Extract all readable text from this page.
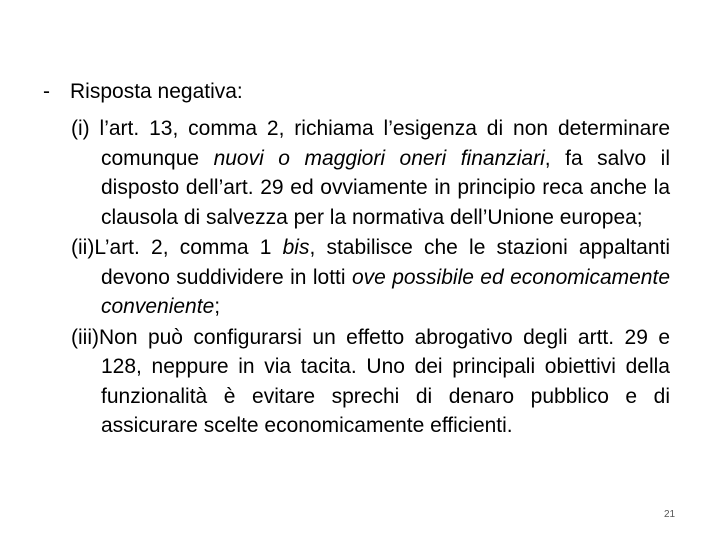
- Risposta negativa:

(i) l’art. 13, comma 2, richiama l’esigenza di non determinare comunque nuovi o maggiori oneri finanziari, fa salvo il disposto dell’art. 29 ed ovviamente in principio reca anche la clausola di salvezza per la normativa dell’Unione europea;

(ii)L’art. 2, comma 1 bis, stabilisce che le stazioni appaltanti devono suddividere in lotti ove possibile ed economicamente conveniente;

(iii)Non può configurarsi un effetto abrogativo degli artt. 29 e 128, neppure in via tacita. Uno dei principali obiettivi della funzionalità è evitare sprechi di denaro pubblico e di assicurare scelte economicamente efficienti.

21
